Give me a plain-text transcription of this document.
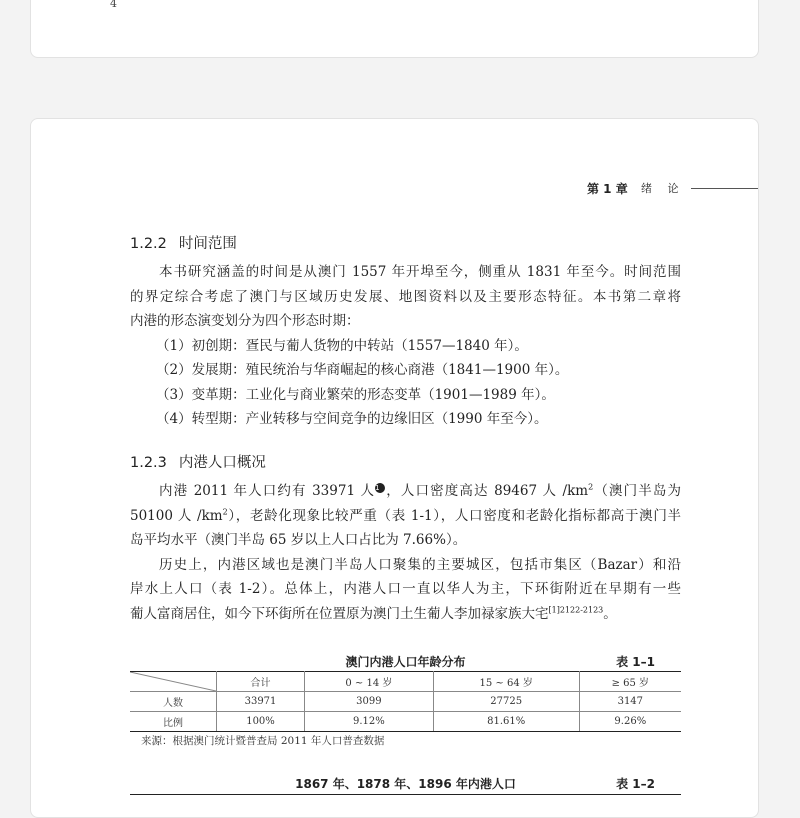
4
第 1 章 绪 论
1.2.2 时间范围
本书研究涵盖的时间是从澳门 1557 年开埠至今，侧重从 1831 年至今。时间范围
的界定综合考虑了澳门与区域历史发展、地图资料以及主要形态特征。本书第二章将
内港的形态演变划分为四个形态时期：
（1）初创期：疍民与葡人货物的中转站（1557—1840 年）。
（2）发展期：殖民统治与华商崛起的核心商港（1841—1900 年）。
（3）变革期：工业化与商业繁荣的形态变革（1901—1989 年）。
（4）转型期：产业转移与空间竞争的边缘旧区（1990 年至今）。
1.2.3 内港人口概况
内港 2011 年人口约有 33971 人1 ，人口密度高达 89467 人 $/km^2$（澳门半岛为
50100 人 $/km^2$），老龄化现象比较严重（表 1-1），人口密度和老龄化指标都高于澳门半
岛平均水平（澳门半岛 65 岁以上人口占比为 7.66%）。
历史上，内港区域也是澳门半岛人口聚集的主要城区，包括市集区（Bazar）和沿
岸水上人口（表 1-2）。总体上，内港人口一直以华人为主，下环街附近在早期有一些
葡人富商居住，如今下环街所在位置原为澳门土生葡人李加禄家族大宅$^{[1]2122-2123}$。
澳门内港人口年龄分布	表 1–1
	合计	0 ~ 14 岁	15 ~ 64 岁	≥ 65 岁
人数	33971	3099	27725	3147
比例	100%	9.12%	81.61%	9.26%
来源：根据澳门统计暨普查局 2011 年人口普查数据
1867 年、1878 年、1896 年内港人口	表 1–2
